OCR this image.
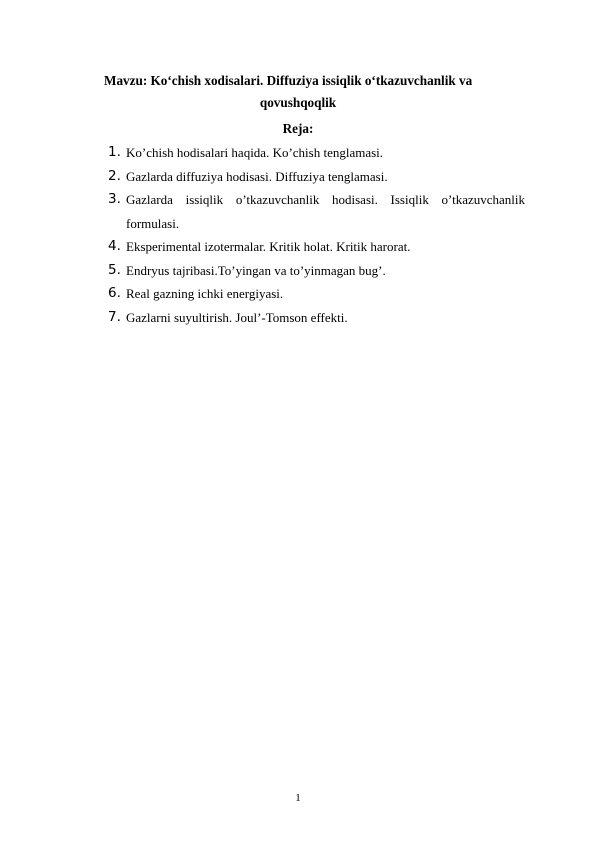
Mavzu: Ko‘chish xodisalari. Diffuziya issiqlik o‘tkazuvchanlik va
qovushqoqlik
Reja:
1. Ko’chish hodisalari haqida. Ko’chish tenglamasi.
2. Gazlarda diffuziya hodisasi. Diffuziya tenglamasi.
3. Gazlarda issiqlik o’tkazuvchanlik hodisasi. Issiqlik o’tkazuvchanlik
formulasi.
4. Eksperimental izotermalar. Kritik holat. Kritik harorat.
5. Endryus tajribasi.To’yingan va to’yinmagan bug’.
6. Real gazning ichki energiyasi.
7. Gazlarni suyultirish. Joul’-Tomson effekti.
1
